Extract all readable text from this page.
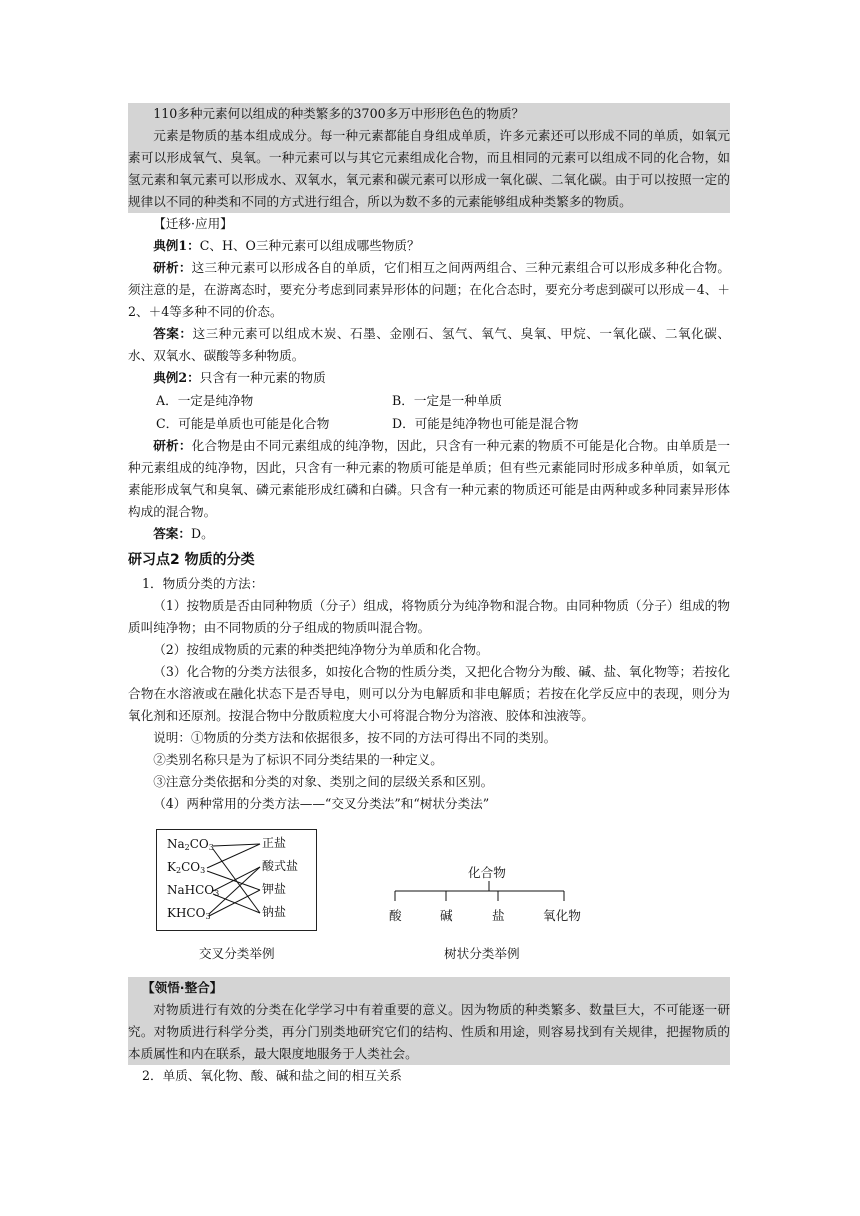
110多种元素何以组成的种类繁多的3700多万中形形色色的物质？

元素是物质的基本组成成分。每一种元素都能自身组成单质，许多元素还可以形成不同的单质，如氧元素可以形成氧气、臭氧。一种元素可以与其它元素组成化合物，而且相同的元素可以组成不同的化合物，如氢元素和氧元素可以形成水、双氧水，氧元素和碳元素可以形成一氧化碳、二氧化碳。由于可以按照一定的规律以不同的种类和不同的方式进行组合，所以为数不多的元素能够组成种类繁多的物质。

【迁移·应用】

典例1：C、H、O三种元素可以组成哪些物质？

研析：这三种元素可以形成各自的单质，它们相互之间两两组合、三种元素组合可以形成多种化合物。须注意的是，在游离态时，要充分考虑到同素异形体的问题；在化合态时，要充分考虑到碳可以形成－4、＋2、＋4等多种不同的价态。

答案：这三种元素可以组成木炭、石墨、金刚石、氢气、氧气、臭氧、甲烷、一氧化碳、二氧化碳、水、双氧水、碳酸等多种物质。

典例2：只含有一种元素的物质

A．一定是纯净物	B．一定是一种单质
C．可能是单质也可能是化合物	D．可能是纯净物也可能是混合物

研析：化合物是由不同元素组成的纯净物，因此，只含有一种元素的物质不可能是化合物。由单质是一种元素组成的纯净物，因此，只含有一种元素的物质可能是单质；但有些元素能同时形成多种单质，如氧元素能形成氧气和臭氧、磷元素能形成红磷和白磷。只含有一种元素的物质还可能是由两种或多种同素异形体构成的混合物。

答案：D。

研习点2 物质的分类

1．物质分类的方法：

（1）按物质是否由同种物质（分子）组成，将物质分为纯净物和混合物。由同种物质（分子）组成的物质叫纯净物；由不同物质的分子组成的物质叫混合物。

（2）按组成物质的元素的种类把纯净物分为单质和化合物。

（3）化合物的分类方法很多，如按化合物的性质分类，又把化合物分为酸、碱、盐、氧化物等；若按化合物在水溶液或在融化状态下是否导电，则可以分为电解质和非电解质；若按在化学反应中的表现，则分为氧化剂和还原剂。按混合物中分散质粒度大小可将混合物分为溶液、胶体和浊液等。

说明：①物质的分类方法和依据很多，按不同的方法可得出不同的类别。

②类别名称只是为了标识不同分类结果的一种定义。

③注意分类依据和分类的对象、类别之间的层级关系和区别。

（4）两种常用的分类方法——“交叉分类法”和“树状分类法”

$Na_2CO_3$
$K_2CO_3$
NaHCO$_3$
$KHCO_3$
正盐
酸式盐
钾盐
钠盐
交叉分类举例
化合物
酸	碱	盐	氧化物
树状分类举例

【领悟·整合】

对物质进行有效的分类在化学学习中有着重要的意义。因为物质的种类繁多、数量巨大，不可能逐一研究。对物质进行科学分类，再分门别类地研究它们的结构、性质和用途，则容易找到有关规律，把握物质的本质属性和内在联系，最大限度地服务于人类社会。

2．单质、氧化物、酸、碱和盐之间的相互关系
